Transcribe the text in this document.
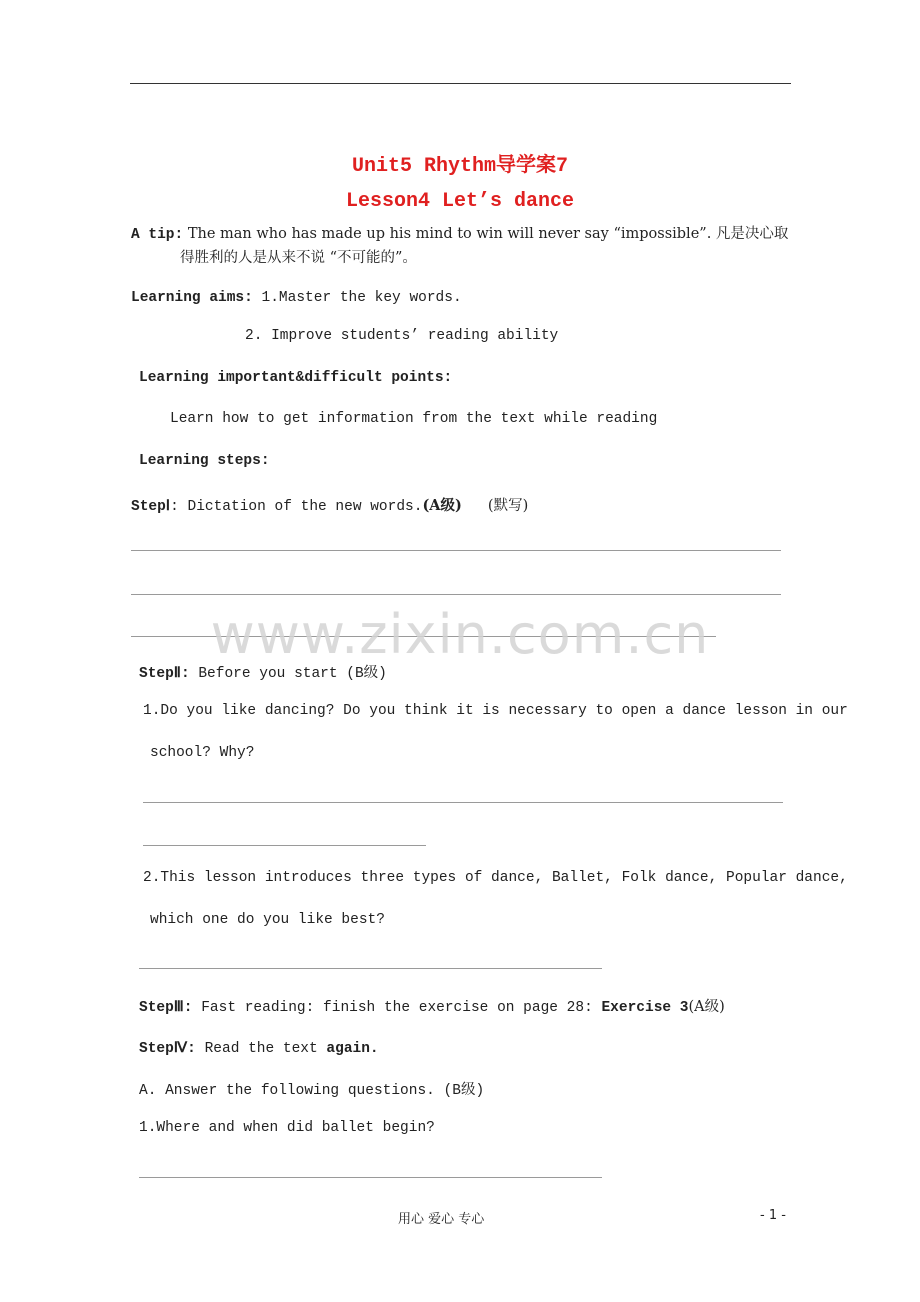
Unit5 Rhythm导学案7
Lesson4 Let’s dance
A tip: The man who has made up his mind to win will never say “impossible”. 凡是决心取
得胜利的人是从来不说 “不可能的”。
Learning aims: 1.Master the key words.
2. Improve students’ reading ability
Learning important&difficult points:
Learn how to get information from the text while reading
Learning steps:
StepⅠ: Dictation of the new words.(A级) (默写)
www.zixin.com.cn
StepⅡ: Before you start (B级)
1.Do you like dancing? Do you think it is necessary to open a dance lesson in our
school? Why?
2.This lesson introduces three types of dance, Ballet, Folk dance, Popular dance,
which one do you like best?
StepⅢ: Fast reading: finish the exercise on page 28: Exercise 3(A级)
StepⅣ: Read the text again.
A. Answer the following questions. (B级)
1.Where and when did ballet begin?
用心 爱心 专心	- 1 -
